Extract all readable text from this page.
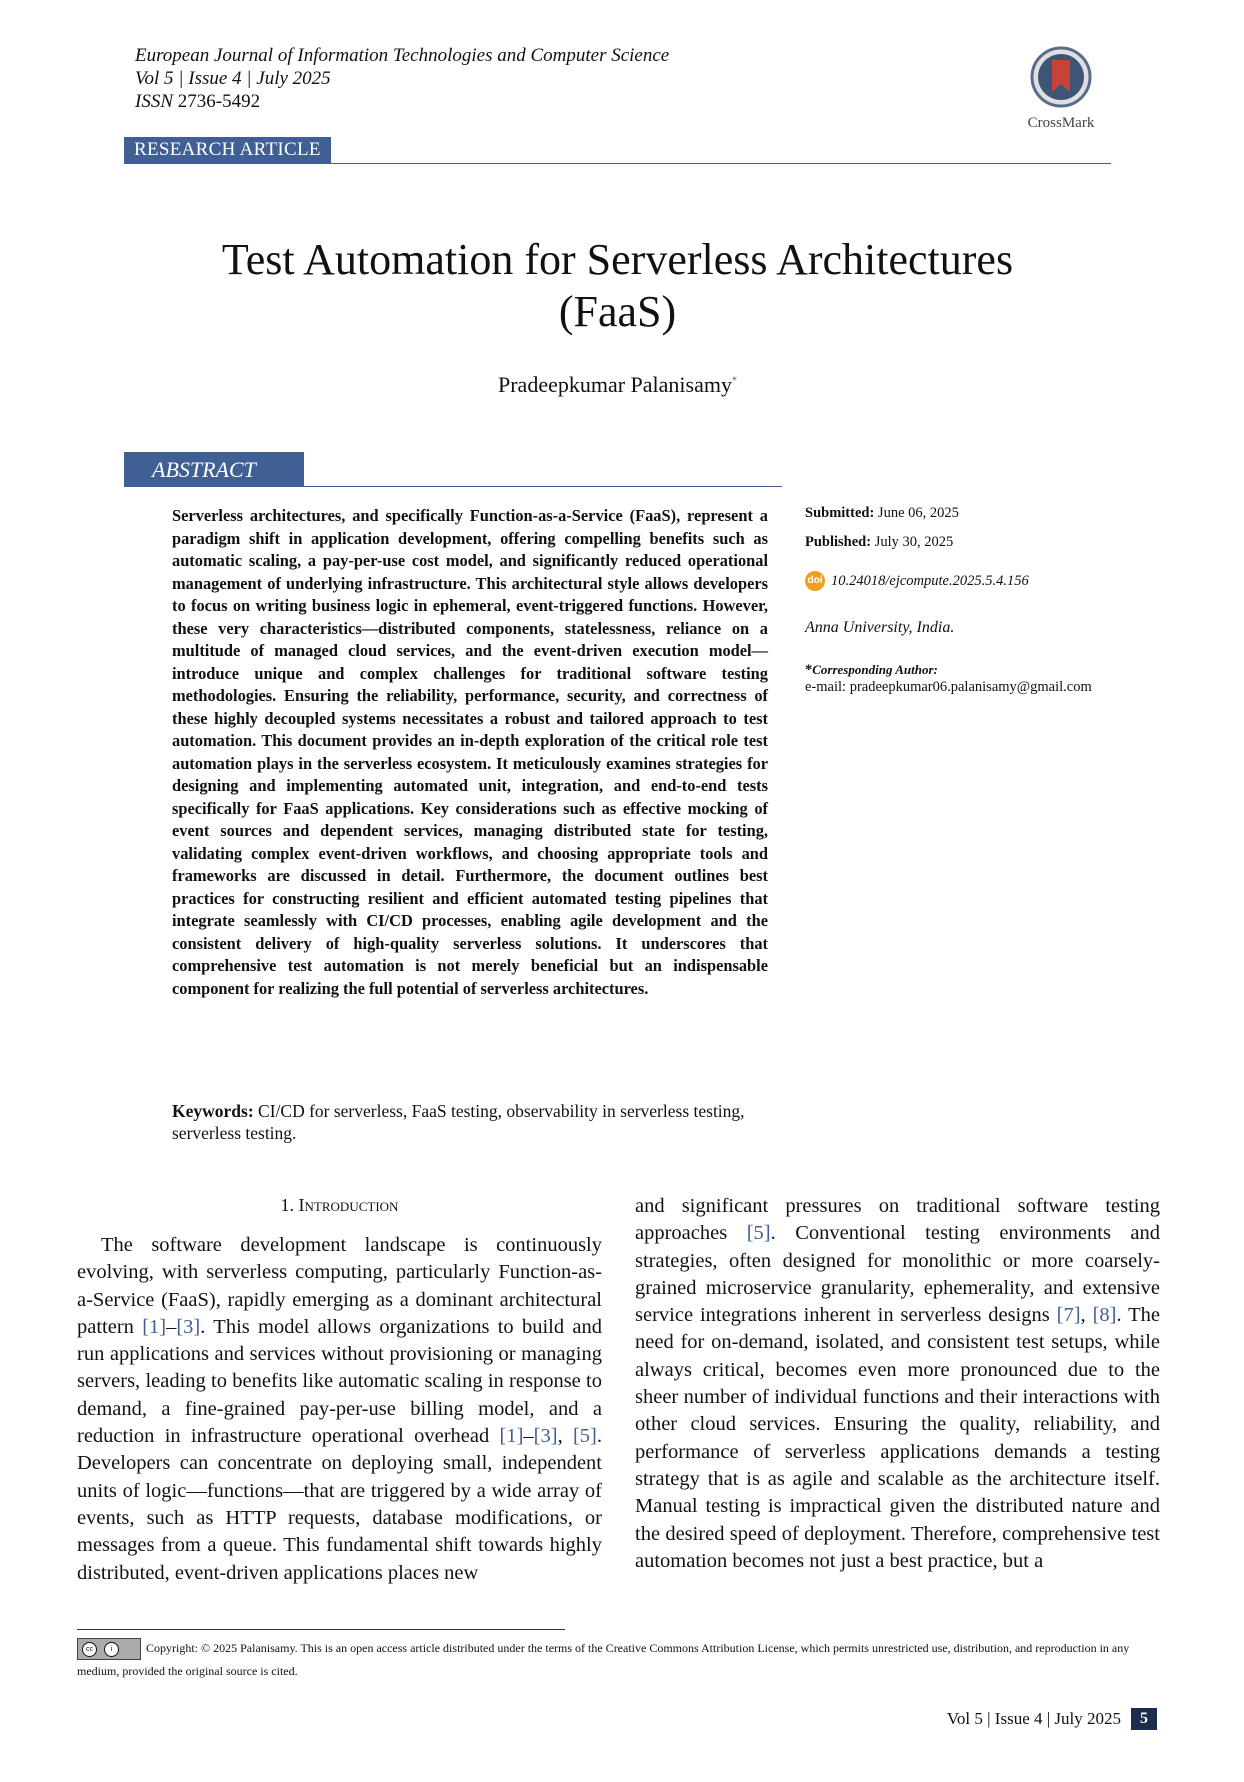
European Journal of Information Technologies and Computer Science
Vol 5 | Issue 4 | July 2025
ISSN 2736-5492
CrossMark
RESEARCH ARTICLE
Test Automation for Serverless Architectures
(FaaS)
Pradeepkumar Palanisamy*
ABSTRACT
Serverless architectures, and specifically Function-as-a-Service (FaaS), represent a paradigm shift in application development, offering compelling benefits such as automatic scaling, a pay-per-use cost model, and significantly reduced operational management of underlying infrastructure. This architectural style allows developers to focus on writing business logic in ephemeral, event-triggered functions. However, these very characteristics—distributed components, statelessness, reliance on a multitude of managed cloud services, and the event-driven execution model—introduce unique and complex challenges for traditional software testing methodologies. Ensuring the reliability, performance, security, and correctness of these highly decoupled systems necessitates a robust and tailored approach to test automation. This document provides an in-depth exploration of the critical role test automation plays in the serverless ecosystem. It meticulously examines strategies for designing and implementing automated unit, integration, and end-to-end tests specifically for FaaS applications. Key considerations such as effective mocking of event sources and dependent services, managing distributed state for testing, validating complex event-driven workflows, and choosing appropriate tools and frameworks are discussed in detail. Furthermore, the document outlines best practices for constructing resilient and efficient automated testing pipelines that integrate seamlessly with CI/CD processes, enabling agile development and the consistent delivery of high-quality serverless solutions. It underscores that comprehensive test automation is not merely beneficial but an indispensable component for realizing the full potential of serverless architectures.
Keywords: CI/CD for serverless, FaaS testing, observability in serverless testing, serverless testing.
Submitted: June 06, 2025
Published: July 30, 2025
doi 10.24018/ejcompute.2025.5.4.156
Anna University, India.
*Corresponding Author:
e-mail: pradeepkumar06.palanisamy@gmail.com
1. Introduction
The software development landscape is continuously evolving, with serverless computing, particularly Function-as-a-Service (FaaS), rapidly emerging as a dominant architectural pattern [1]–[3]. This model allows organizations to build and run applications and services without provisioning or managing servers, leading to benefits like automatic scaling in response to demand, a fine-grained pay-per-use billing model, and a reduction in infrastructure operational overhead [1]–[3], [5]. Developers can concentrate on deploying small, independent units of logic—functions—that are triggered by a wide array of events, such as HTTP requests, database modifications, or messages from a queue. This fundamental shift towards highly distributed, event-driven applications places new
and significant pressures on traditional software testing approaches [5]. Conventional testing environments and strategies, often designed for monolithic or more coarsely-grained microservice granularity, ephemerality, and extensive service integrations inherent in serverless designs [7], [8]. The need for on-demand, isolated, and consistent test setups, while always critical, becomes even more pronounced due to the sheer number of individual functions and their interactions with other cloud services. Ensuring the quality, reliability, and performance of serverless applications demands a testing strategy that is as agile and scalable as the architecture itself. Manual testing is impractical given the distributed nature and the desired speed of deployment. Therefore, comprehensive test automation becomes not just a best practice, but a
cc	i	Copyright: © 2025 Palanisamy. This is an open access article distributed under the terms of the Creative Commons Attribution License, which permits unrestricted use, distribution, and reproduction in any medium, provided the original source is cited.
Vol 5 | Issue 4 | July 2025	5
